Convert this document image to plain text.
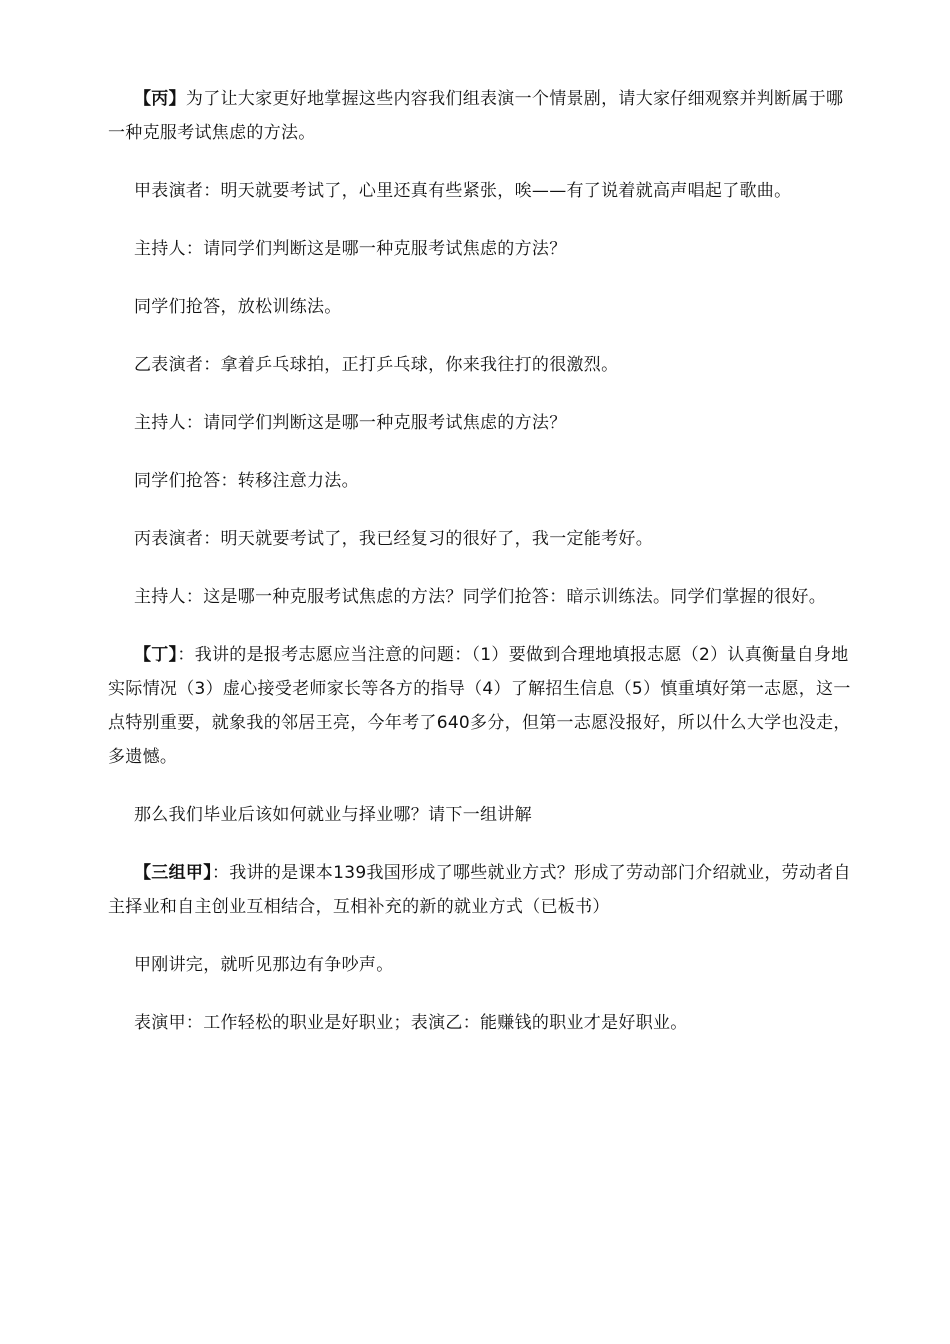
【丙】为了让大家更好地掌握这些内容我们组表演一个情景剧，请大家仔细观察并判断属于哪一种克服考试焦虑的方法。

甲表演者：明天就要考试了，心里还真有些紧张，唉——有了说着就高声唱起了歌曲。

主持人：请同学们判断这是哪一种克服考试焦虑的方法？

同学们抢答，放松训练法。

乙表演者：拿着乒乓球拍，正打乒乓球，你来我往打的很激烈。

主持人：请同学们判断这是哪一种克服考试焦虑的方法？

同学们抢答：转移注意力法。

丙表演者：明天就要考试了，我已经复习的很好了，我一定能考好。

主持人：这是哪一种克服考试焦虑的方法？同学们抢答：暗示训练法。同学们掌握的很好。

【丁】：我讲的是报考志愿应当注意的问题：（1）要做到合理地填报志愿（2）认真衡量自身地实际情况（3）虚心接受老师家长等各方的指导（4）了解招生信息（5）慎重填好第一志愿，这一点特别重要，就象我的邻居王亮，今年考了640多分，但第一志愿没报好，所以什么大学也没走，多遗憾。

那么我们毕业后该如何就业与择业哪？请下一组讲解

【三组甲】：我讲的是课本139我国形成了哪些就业方式？形成了劳动部门介绍就业，劳动者自主择业和自主创业互相结合，互相补充的新的就业方式（已板书）

甲刚讲完，就听见那边有争吵声。

表演甲：工作轻松的职业是好职业；表演乙：能赚钱的职业才是好职业。
